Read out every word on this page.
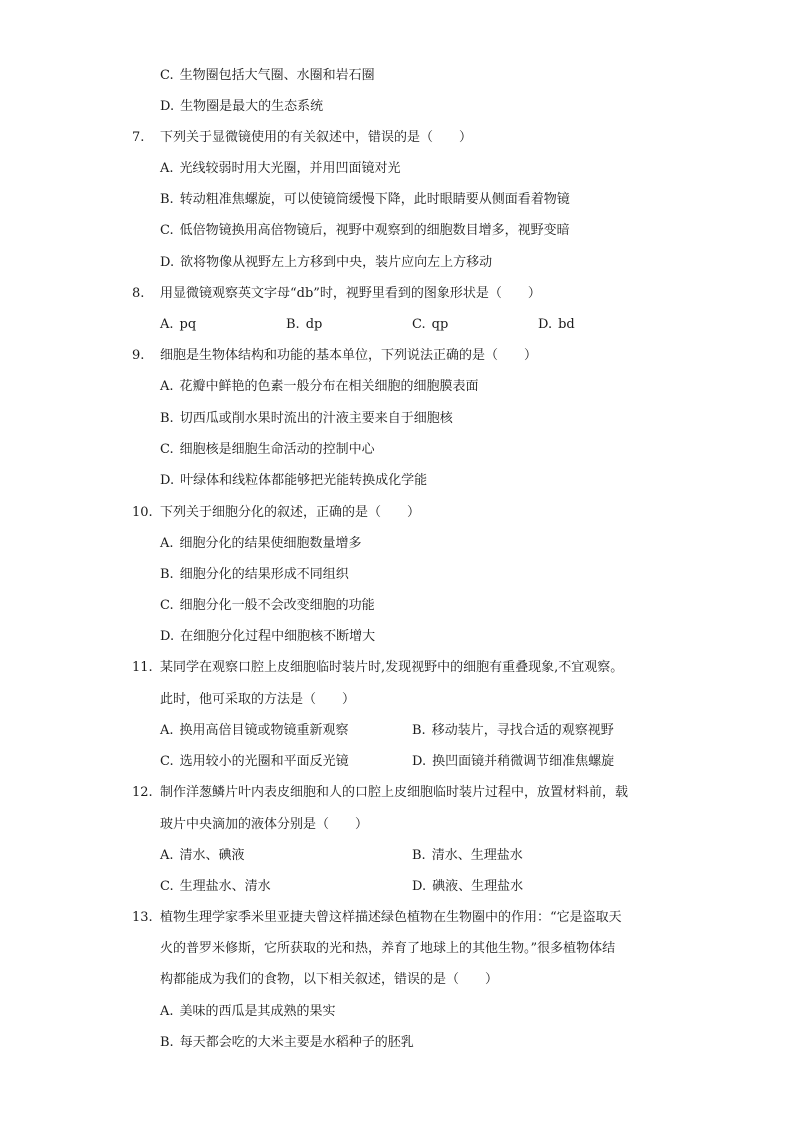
C. 生物圈包括大气圈、水圈和岩石圈
D. 生物圈是最大的生态系统
7.	下列关于显微镜使用的有关叙述中，错误的是（　　）
A. 光线较弱时用大光圈，并用凹面镜对光
B. 转动粗准焦螺旋，可以使镜筒缓慢下降，此时眼睛要从侧面看着物镜
C. 低倍物镜换用高倍物镜后，视野中观察到的细胞数目增多，视野变暗
D. 欲将物像从视野左上方移到中央，装片应向左上方移动
8.	用显微镜观察英文字母“db”时，视野里看到的图象形状是（　　）
A. pq	B. dp	C. qp	D. bd
9.	细胞是生物体结构和功能的基本单位，下列说法正确的是（　　）
A. 花瓣中鲜艳的色素一般分布在相关细胞的细胞膜表面
B. 切西瓜或削水果时流出的汁液主要来自于细胞核
C. 细胞核是细胞生命活动的控制中心
D. 叶绿体和线粒体都能够把光能转换成化学能
10. 下列关于细胞分化的叙述，正确的是（　　）
A. 细胞分化的结果使细胞数量增多
B. 细胞分化的结果形成不同组织
C. 细胞分化一般不会改变细胞的功能
D. 在细胞分化过程中细胞核不断增大
11. 某同学在观察口腔上皮细胞临时装片时,发现视野中的细胞有重叠现象,不宜观察。
此时，他可采取的方法是（　　）
A. 换用高倍目镜或物镜重新观察	B. 移动装片，寻找合适的观察视野
C. 选用较小的光圈和平面反光镜	D. 换凹面镜并稍微调节细准焦螺旋
12. 制作洋葱鳞片叶内表皮细胞和人的口腔上皮细胞临时装片过程中，放置材料前，载
玻片中央滴加的液体分别是（　　）
A. 清水、碘液	B. 清水、生理盐水
C. 生理盐水、清水	D. 碘液、生理盐水
13. 植物生理学家季米里亚捷夫曾这样描述绿色植物在生物圈中的作用：“它是盗取天
火的普罗米修斯，它所获取的光和热，养育了地球上的其他生物。”很多植物体结
构都能成为我们的食物，以下相关叙述，错误的是（　　）
A. 美味的西瓜是其成熟的果实
B. 每天都会吃的大米主要是水稻种子的胚乳
